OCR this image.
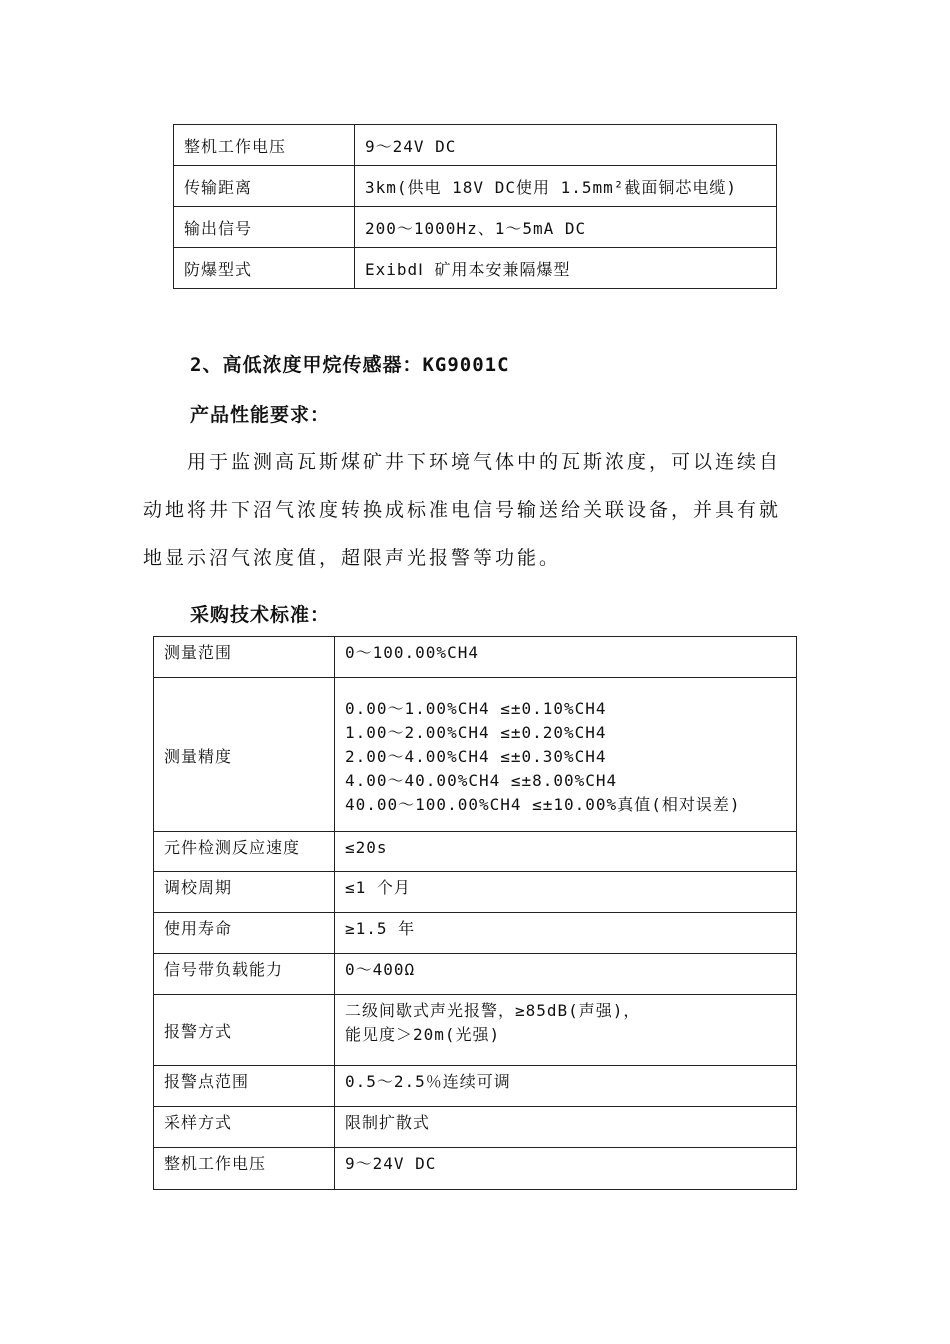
整机工作电压	9～24V DC
传输距离	3km(供电 18V DC使用 1.5mm²截面铜芯电缆)
输出信号	200～1000Hz、1～5mA DC
防爆型式	ExibdⅠ 矿用本安兼隔爆型
2、高低浓度甲烷传感器：KG9001C
产品性能要求：
用于监测高瓦斯煤矿井下环境气体中的瓦斯浓度，可以连续自
动地将井下沼气浓度转换成标准电信号输送给关联设备，并具有就
地显示沼气浓度值，超限声光报警等功能。
采购技术标准：
测量范围	0～100.00%CH4
测量精度	0.00～1.00%CH4 ≤±0.10%CH4
1.00～2.00%CH4 ≤±0.20%CH4
2.00～4.00%CH4 ≤±0.30%CH4
4.00～40.00%CH4 ≤±8.00%CH4
40.00～100.00%CH4 ≤±10.00%真值(相对误差)

元件检测反应速度	≤20s
调校周期	≤1 个月
使用寿命	≥1.5 年
信号带负载能力	0～400Ω
报警方式	二级间歇式声光报警，≥85dB(声强)，
能见度＞20m(光强)

报警点范围	0.5～2.5％连续可调
采样方式	限制扩散式
整机工作电压	9～24V DC
